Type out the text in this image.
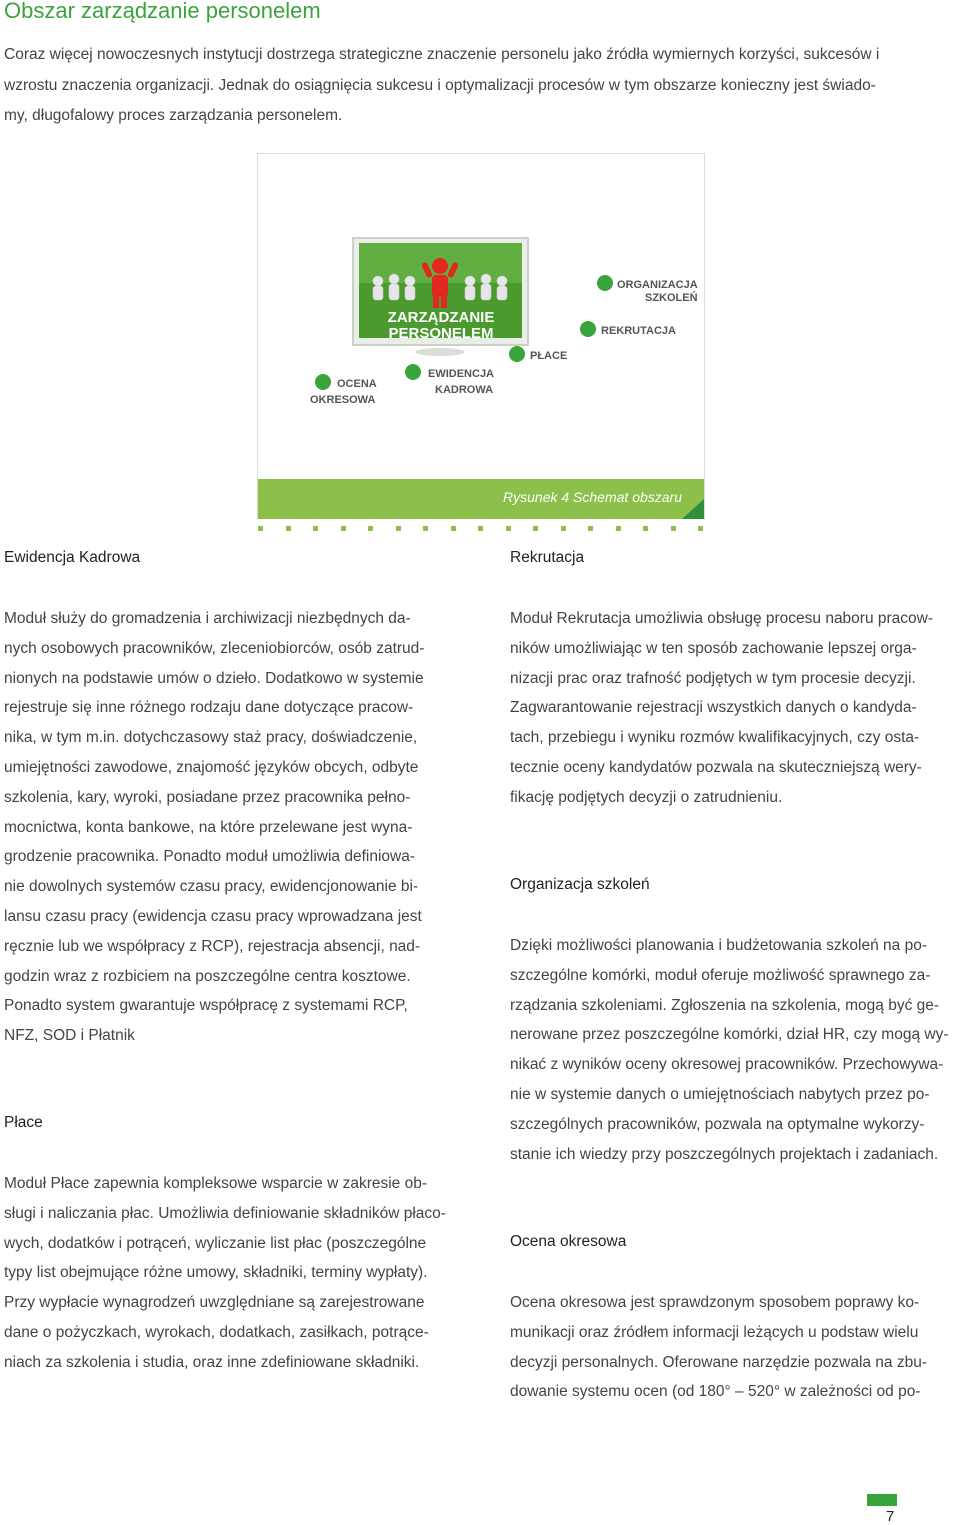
Obszar zarządzanie personelem
Coraz więcej nowoczesnych instytucji dostrzega strategiczne znaczenie personelu jako źródła wymiernych korzyści, sukcesów i
wzrostu znaczenia organizacji. Jednak do osiągnięcia sukcesu i optymalizacji procesów w tym obszarze konieczny jest świado-
my, długofalowy proces zarządzania personelem.
ZARZĄDZANIE
PERSONELEM
ORGANIZACJA
SZKOLEŃ
REKRUTACJA
PŁACE
EWIDENCJA
KADROWA
OCENA
OKRESOWA
Rysunek 4 Schemat obszaru
Ewidencja Kadrowa
Moduł służy do gromadzenia i archiwizacji niezbędnych da-
nych osobowych pracowników, zleceniobiorców, osób zatrud-
nionych na podstawie umów o dzieło. Dodatkowo w systemie
rejestruje się inne różnego rodzaju dane dotyczące pracow-
nika, w tym m.in. dotychczasowy staż pracy, doświadczenie,
umiejętności zawodowe, znajomość języków obcych, odbyte
szkolenia, kary, wyroki, posiadane przez pracownika pełno-
mocnictwa, konta bankowe, na które przelewane jest wyna-
grodzenie pracownika. Ponadto moduł umożliwia definiowa-
nie dowolnych systemów czasu pracy, ewidencjonowanie bi-
lansu czasu pracy (ewidencja czasu pracy wprowadzana jest
ręcznie lub we współpracy z RCP), rejestracja absencji, nad-
godzin wraz z rozbiciem na poszczególne centra kosztowe.
Ponadto system gwarantuje współpracę z systemami RCP,
NFZ, SOD i Płatnik
Płace
Moduł Płace zapewnia kompleksowe wsparcie w zakresie ob-
sługi i naliczania płac. Umożliwia definiowanie składników płaco-
wych, dodatków i potrąceń, wyliczanie list płac (poszczególne
typy list obejmujące różne umowy, składniki, terminy wypłaty).
Przy wypłacie wynagrodzeń uwzględniane są zarejestrowane
dane o pożyczkach, wyrokach, dodatkach, zasiłkach, potrące-
niach za szkolenia i studia, oraz inne zdefiniowane składniki.
Rekrutacja
Moduł Rekrutacja umożliwia obsługę procesu naboru pracow-
ników umożliwiając w ten sposób zachowanie lepszej orga-
nizacji prac oraz trafność podjętych w tym procesie decyzji.
Zagwarantowanie rejestracji wszystkich danych o kandyda-
tach, przebiegu i wyniku rozmów kwalifikacyjnych, czy osta-
tecznie oceny kandydatów pozwala na skuteczniejszą wery-
fikację podjętych decyzji o zatrudnieniu.
Organizacja szkoleń
Dzięki możliwości planowania i budżetowania szkoleń na po-
szczególne komórki, moduł oferuje możliwość sprawnego za-
rządzania szkoleniami. Zgłoszenia na szkolenia, mogą być ge-
nerowane przez poszczególne komórki, dział HR, czy mogą wy-
nikać z wyników oceny okresowej pracowników. Przechowywa-
nie w systemie danych o umiejętnościach nabytych przez po-
szczególnych pracowników, pozwala na optymalne wykorzy-
stanie ich wiedzy przy poszczególnych projektach i zadaniach.
Ocena okresowa
Ocena okresowa jest sprawdzonym sposobem poprawy ko-
munikacji oraz źródłem informacji leżących u podstaw wielu
decyzji personalnych. Oferowane narzędzie pozwala na zbu-
dowanie systemu ocen (od 180° – 520° w zależności od po-
7
